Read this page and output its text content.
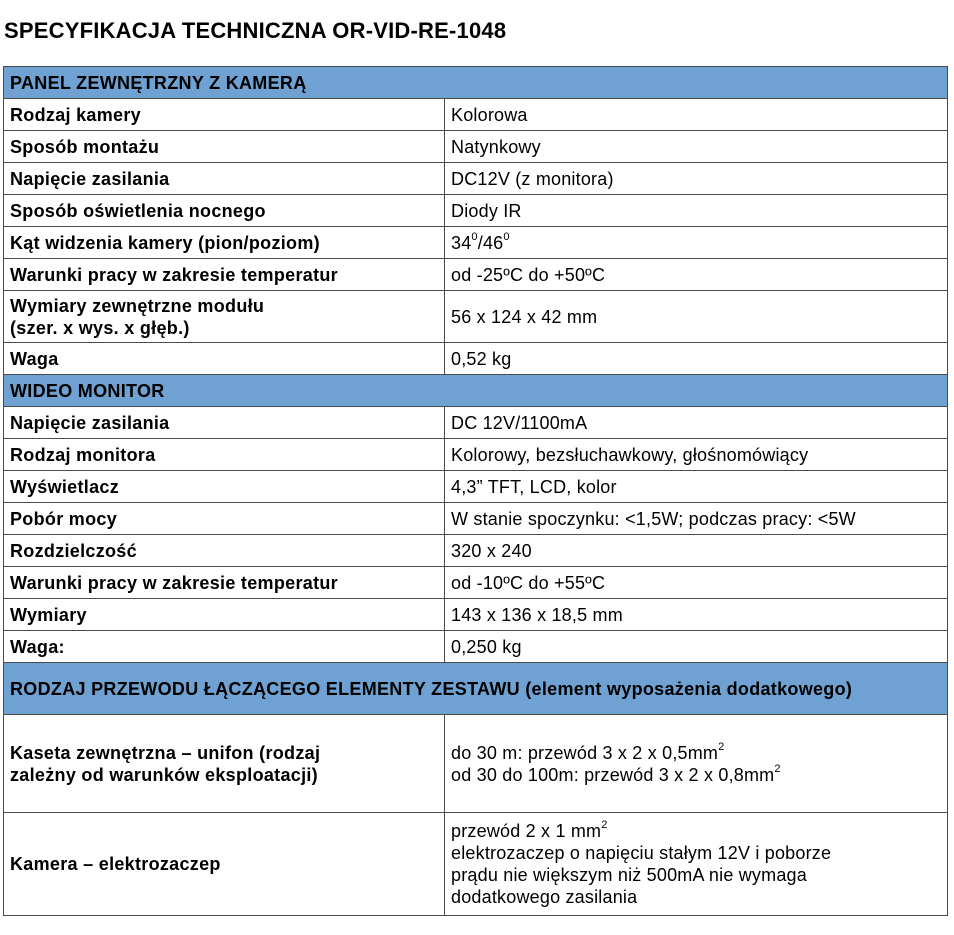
SPECYFIKACJA TECHNICZNA OR-VID-RE-1048
PANEL ZEWNĘTRZNY Z KAMERĄ	
Rodzaj kamery	Kolorowa
Sposób montażu	Natynkowy
Napięcie zasilania	DC12V (z monitora)
Sposób oświetlenia nocnego	Diody IR
Kąt widzenia kamery (pion/poziom)	$34^0/46^0$
Warunki pracy w zakresie temperatur	od -25ºC do +50ºC

Wymiary zewnętrzne modułu
(szer. x wys. x głęb.)	56 x 124 x 42 mm
Waga	0,52 kg
WIDEO MONITOR	
Napięcie zasilania	DC 12V/1100mA
Rodzaj monitora	Kolorowy, bezsłuchawkowy, głośnomówiący
Wyświetlacz	4,3” TFT, LCD, kolor
Pobór mocy	W stanie spoczynku: <1,5W; podczas pracy: <5W
Rozdzielczość	320 x 240
Warunki pracy w zakresie temperatur	od -10ºC do +55ºC
Wymiary	143 x 136 x 18,5 mm
Waga:	0,250 kg
RODZAJ PRZEWODU ŁĄCZĄCEGO ELEMENTY ZESTAWU (element wyposażenia dodatkowego)	

Kaseta zewnętrzna – unifon (rodzaj
zależny od warunków eksploatacji)	do 30 m: przewód 3 x 2 x $0,5mm^2$
od 30 do 100m: przewód 3 x 2 x $0,8mm^2$

Kamera – elektrozaczep	przewód 2 x 1 $mm^2$
elektrozaczep o napięciu stałym 12V i poborze
prądu nie większym niż 500mA nie wymaga
dodatkowego zasilania
